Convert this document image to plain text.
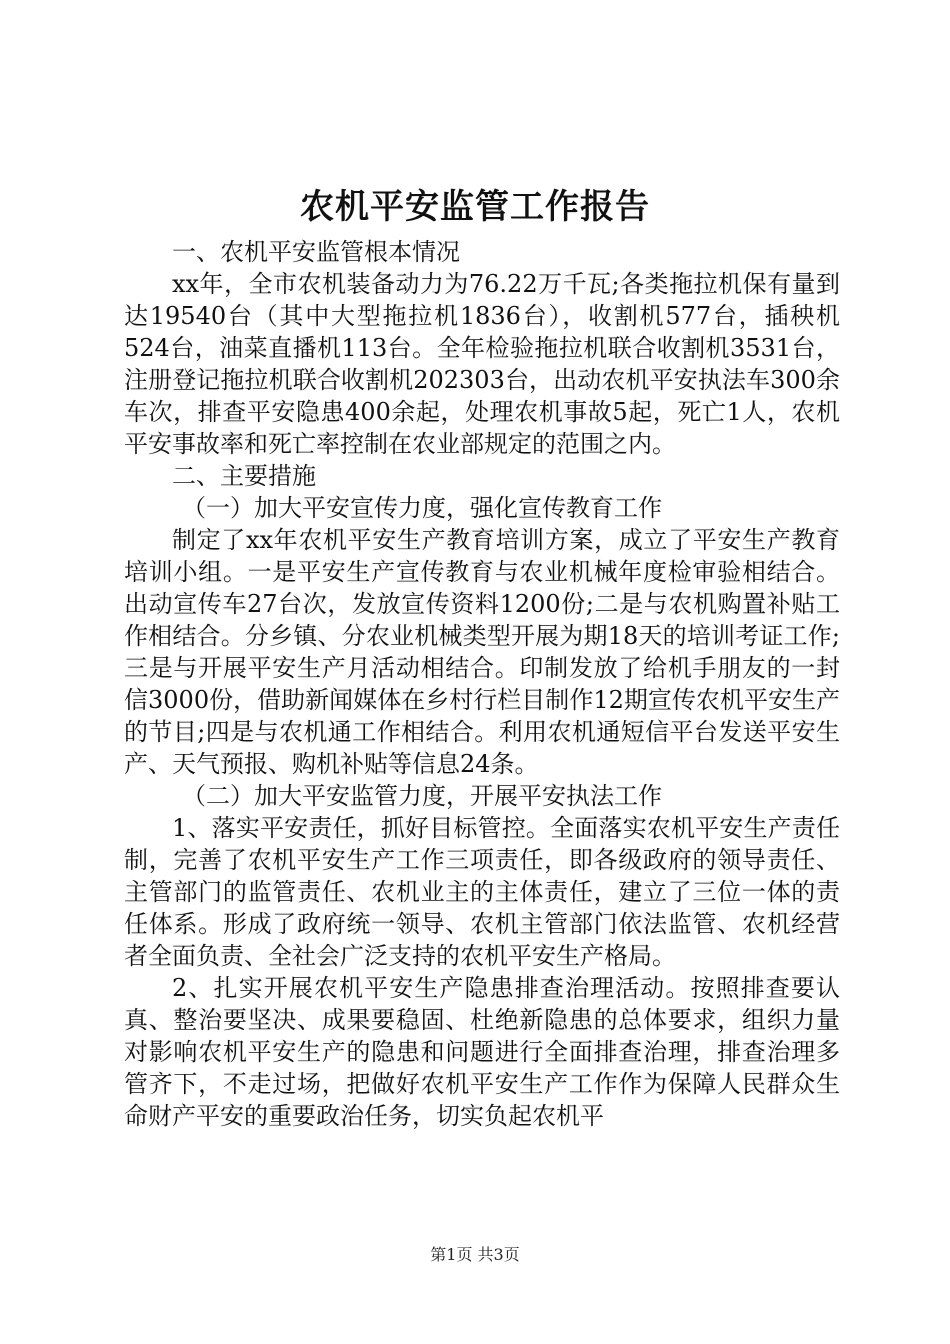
农机平安监管工作报告

一、农机平安监管根本情况

xx年，全市农机装备动力为76.22万千瓦;各类拖拉机保有量到达19540台（其中大型拖拉机1836台），收割机577台，插秧机524台，油菜直播机113台。全年检验拖拉机联合收割机3531台，注册登记拖拉机联合收割机202303台，出动农机平安执法车300余车次，排查平安隐患400余起，处理农机事故5起，死亡1人，农机平安事故率和死亡率控制在农业部规定的范围之内。

二、主要措施

（一）加大平安宣传力度，强化宣传教育工作

制定了xx年农机平安生产教育培训方案，成立了平安生产教育培训小组。一是平安生产宣传教育与农业机械年度检审验相结合。出动宣传车27台次，发放宣传资料1200份;二是与农机购置补贴工作相结合。分乡镇、分农业机械类型开展为期18天的培训考证工作;三是与开展平安生产月活动相结合。印制发放了给机手朋友的一封信3000份，借助新闻媒体在乡村行栏目制作12期宣传农机平安生产的节目;四是与农机通工作相结合。利用农机通短信平台发送平安生产、天气预报、购机补贴等信息24条。

（二）加大平安监管力度，开展平安执法工作

1、落实平安责任，抓好目标管控。全面落实农机平安生产责任制，完善了农机平安生产工作三项责任，即各级政府的领导责任、主管部门的监管责任、农机业主的主体责任，建立了三位一体的责任体系。形成了政府统一领导、农机主管部门依法监管、农机经营者全面负责、全社会广泛支持的农机平安生产格局。

2、扎实开展农机平安生产隐患排查治理活动。按照排查要认真、整治要坚决、成果要稳固、杜绝新隐患的总体要求，组织力量对影响农机平安生产的隐患和问题进行全面排查治理，排查治理多管齐下，不走过场，把做好农机平安生产工作作为保障人民群众生命财产平安的重要政治任务，切实负起农机平

第1页 共3页
